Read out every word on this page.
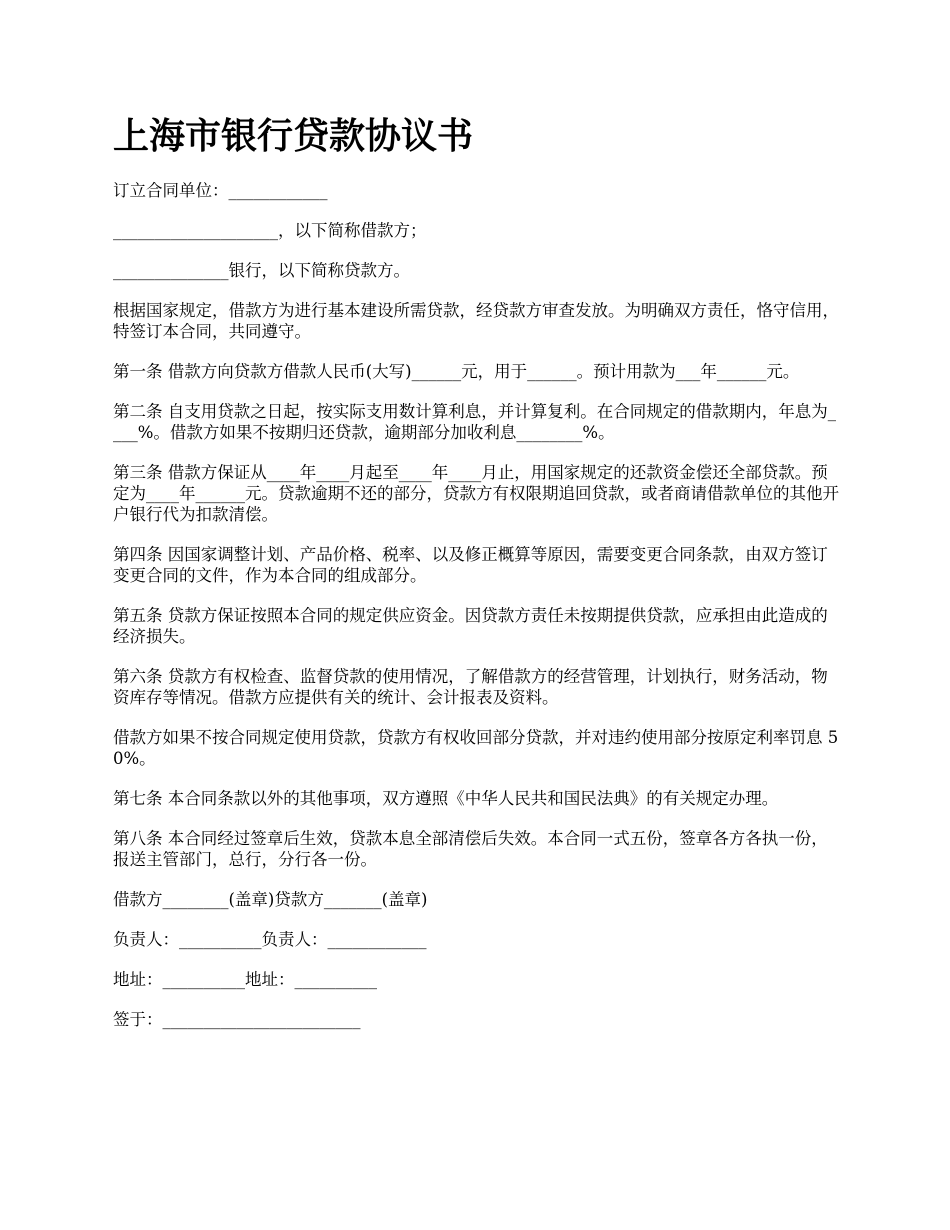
上海市银行贷款协议书

订立合同单位：____________

____________________，以下简称借款方；

______________银行，以下简称贷款方。

根据国家规定，借款方为进行基本建设所需贷款，经贷款方审查发放。为明确双方责任，恪守信用，特签订本合同，共同遵守。

第一条 借款方向贷款方借款人民币(大写)______元，用于______。预计用款为___年______元。

第二条 自支用贷款之日起，按实际支用数计算利息，并计算复利。在合同规定的借款期内，年息为____%。借款方如果不按期归还贷款，逾期部分加收利息________%。

第三条 借款方保证从____年____月起至____年____月止，用国家规定的还款资金偿还全部贷款。预定为____年______元。贷款逾期不还的部分，贷款方有权限期追回贷款，或者商请借款单位的其他开户银行代为扣款清偿。

第四条 因国家调整计划、产品价格、税率、以及修正概算等原因，需要变更合同条款，由双方签订变更合同的文件，作为本合同的组成部分。

第五条 贷款方保证按照本合同的规定供应资金。因贷款方责任未按期提供贷款，应承担由此造成的经济损失。

第六条 贷款方有权检查、监督贷款的使用情况，了解借款方的经营管理，计划执行，财务活动，物资库存等情况。借款方应提供有关的统计、会计报表及资料。

借款方如果不按合同规定使用贷款，贷款方有权收回部分贷款，并对违约使用部分按原定利率罚息 50%。

第七条 本合同条款以外的其他事项，双方遵照《中华人民共和国民法典》的有关规定办理。

第八条 本合同经过签章后生效，贷款本息全部清偿后失效。本合同一式五份，签章各方各执一份，报送主管部门，总行，分行各一份。

借款方________(盖章)贷款方_______(盖章)

负责人：__________负责人：____________

地址：__________地址：__________

签于：________________________
